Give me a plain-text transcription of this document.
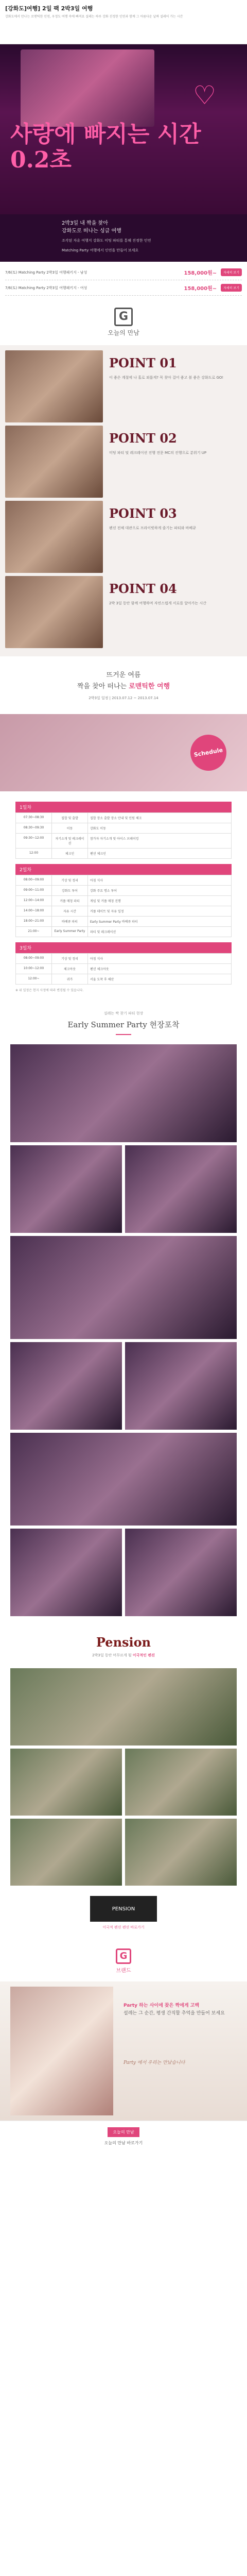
[강화도]여행] 2일 팩 2박3일 여행
강화도에서 만나는 로맨틱한 인연, 우정도 여행 속에 빠져요 설레는 하루 강화 진정한 인연과 함께 그 아름다운 날짜 설레어 가는 시간
♡
사랑에 빠지는 시간 0.2초
2박3일 내 짝을 찾아
강화도로 떠나는 싱글 여행
조각된 자유 여행지 강화도 미팅 파티를 통해 진정한 인연
Matching Party 여행에서 인연을 만들어 보세요
7/6(토) Matching Party 2박3일 여행패키지 - 남성	158,000원~	자세히 보기
7/6(토) Matching Party 2박3일 여행패키지 - 여성	158,000원~	자세히 보기
G
오늘의 만남
POINT 01
이 좋은 계절에 나 홀로 외롭게? 꼭 찾아 걸어 좋고 볼 좋은 강화도로 GO!
POINT 02
미팅 파티 및 레크레이션 진행 전문 MC의 진행으로 분위기 UP
POINT 03
펜션 전체 대관으로 프라이빗하게 즐기는 파티와 바베큐
POINT 04
2박 3일 동안 함께 여행하며 자연스럽게 서로를 알아가는 시간
뜨거운 여름
짝을 찾아 떠나는 로맨틱한 여행
2박3일 일정 | 2013.07.12 ~ 2013.07.14
Schedule
1일차
07:30~08:30	집합 및 출발	집합 장소 출발 장소 안내 및 인원 체크
08:30~09:30	이동	강화도 이동
09:30~12:00	자기소개 및 레크레이션	참가자 자기소개 및 아이스 브레이킹
12:00	체크인	펜션 체크인
2일차
08:00~09:00	기상 및 정리	아침 식사
09:00~11:00	강화도 투어	강화 주요 명소 투어
12:00~14:00	커플 매칭 파티	게임 및 커플 매칭 진행
14:00~18:00	자유 시간	커플 데이트 및 자유 일정
18:00~21:00	바베큐 파티	Early Summer Party 바베큐 파티
21:00~	Early Summer Party	파티 및 레크레이션
3일차
08:00~09:00	기상 및 정리	아침 식사
10:00~12:00	체크아웃	펜션 체크아웃
12:00~	귀가	서울 도착 후 해산
※ 위 일정은 현지 사정에 따라 변경될 수 있습니다.
설레는 짝 찾기 파티 현장
Early Summer Party 현장포착
Pension
2박3일 동안 머무르게 될 이국적인 펜션
PENSION
이국적 펜션 펜션 바로가기
G
브랜드
Party 하는 사이에 찾은 짝에게 고백
설레는 그 순간, 평생 간직할 추억을 만들어 보세요
Party 에서 우리는 만났습니다
오늘의 만남
오늘의 만남 바로가기
